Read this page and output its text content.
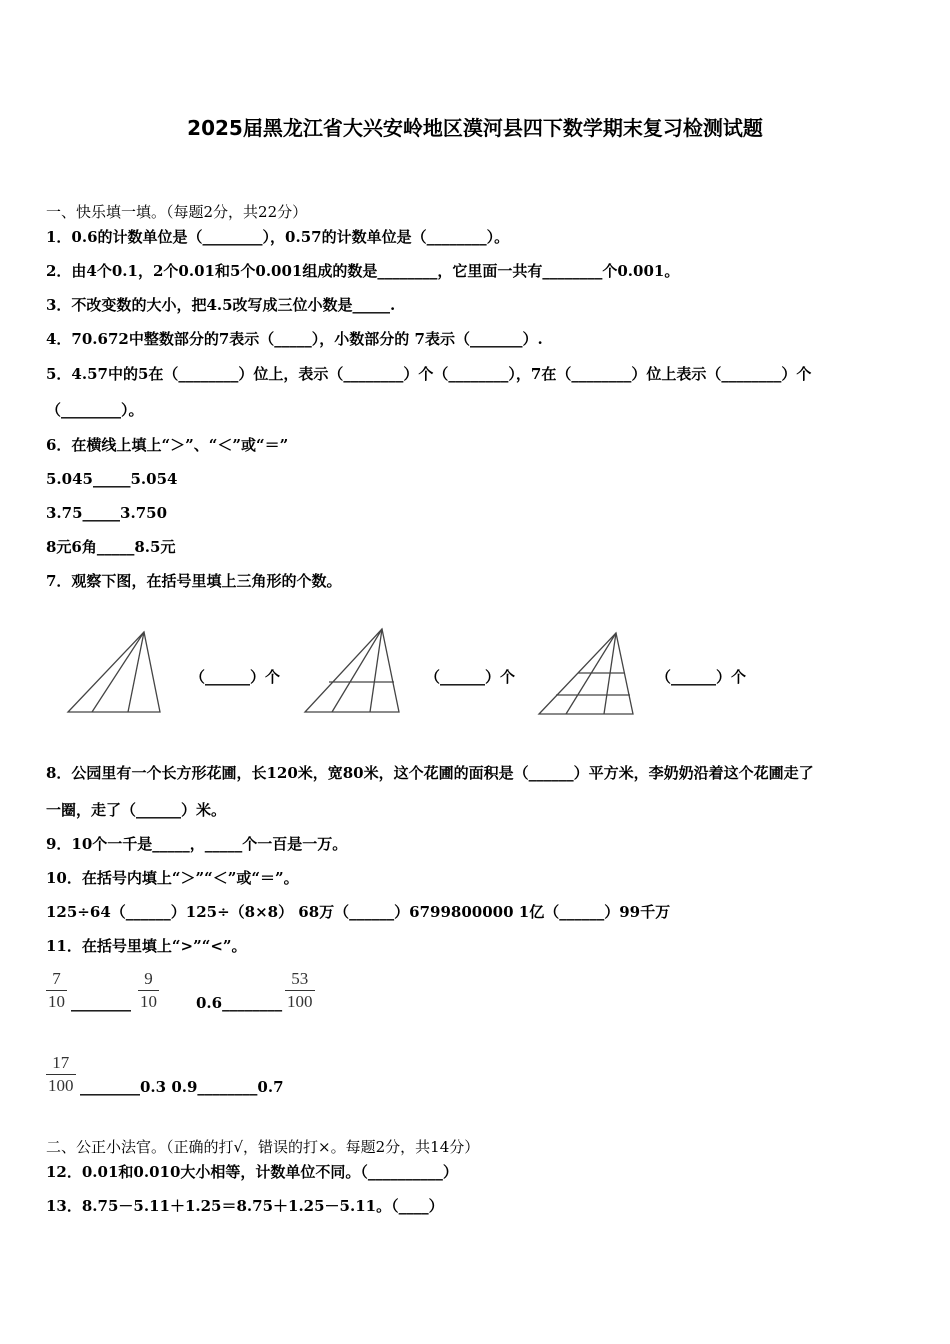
2025届黑龙江省大兴安岭地区漠河县四下数学期末复习检测试题
一、快乐填一填。（每题2分，共22分）
1．0.6的计数单位是（________），0.57的计数单位是（________）。
2．由4个0.1，2个0.01和5个0.001组成的数是________，它里面一共有________个0.001。
3．不改变数的大小，把4.5改写成三位小数是_____.
4．70.672中整数部分的7表示（_____），小数部分的 7表示（_______）.
5．4.57中的5在（________）位上，表示（________）个（________），7在（________）位上表示（________）个
（________）。
6．在横线上填上“＞”、“＜”或“＝”
5.045_____5.054
3.75_____3.750
8元6角_____8.5元
7．观察下图，在括号里填上三角形的个数。
（______）个	（______）个	（______）个
8．公园里有一个长方形花圃，长120米，宽80米，这个花圃的面积是（______）平方米，李奶奶沿着这个花圃走了
一圈，走了（______）米。
9．10个一千是_____，_____个一百是一万。
10．在括号内填上“＞”“＜”或“＝”。
125÷64（______）125÷（8×8） 68万（______）6799800000 1亿（______）99千万
11．在括号里填上“>”“<”。
$\frac{7}{10}$ ________ $\frac{9}{10}$ 0.6________ $\frac{53}{100}$
$\frac{17}{100}$ ________0.3 0.9________0.7
二、公正小法官。（正确的打√，错误的打×。每题2分，共14分）
12．0.01和0.010大小相等，计数单位不同。（__________）
13．8.75－5.11＋1.25＝8.75＋1.25－5.11。（____）
